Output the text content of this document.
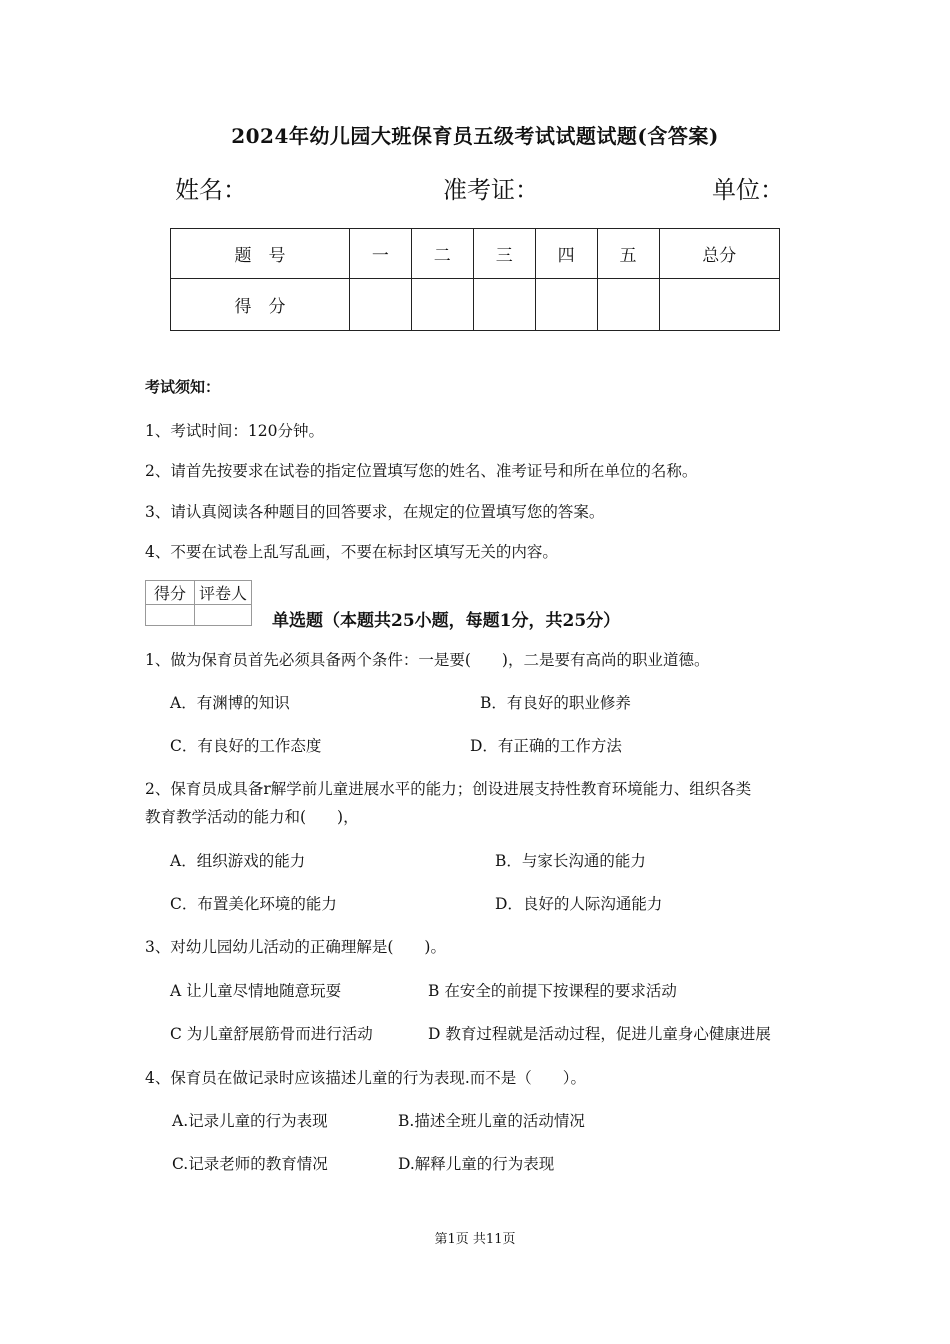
2024年幼儿园大班保育员五级考试试题试题(含答案)
姓名：	准考证：	单位：
题　号	一	二	三	四	五	总分
得　分						
考试须知：
1、考试时间：120分钟。
2、请首先按要求在试卷的指定位置填写您的姓名、准考证号和所在单位的名称。
3、请认真阅读各种题目的回答要求，在规定的位置填写您的答案。
4、不要在试卷上乱写乱画，不要在标封区填写无关的内容。
得分	评卷人

单选题（本题共25小题，每题1分，共25分）
1、做为保育员首先必须具备两个条件：一是要(　　)，二是要有高尚的职业道德。
A．有渊博的知识	B．有良好的职业修养
C．有良好的工作态度	D．有正确的工作方法
2、保育员成具备r解学前儿童进展水平的能力；创设进展支持性教育环境能力、组织各类
教育教学活动的能力和(　　)，
A．组织游戏的能力	B．与家长沟通的能力
C．布置美化环境的能力	D．良好的人际沟通能力
3、对幼儿园幼儿活动的正确理解是(　　)。
A 让儿童尽情地随意玩耍	B 在安全的前提下按课程的要求活动
C 为儿童舒展筋骨而进行活动	D 教育过程就是活动过程，促进儿童身心健康进展
4、保育员在做记录时应该描述儿童的行为表现.而不是（　　）。
A.记录儿童的行为表现	B.描述全班儿童的活动情况
C.记录老师的教育情况	D.解释儿童的行为表现
第1页 共11页
